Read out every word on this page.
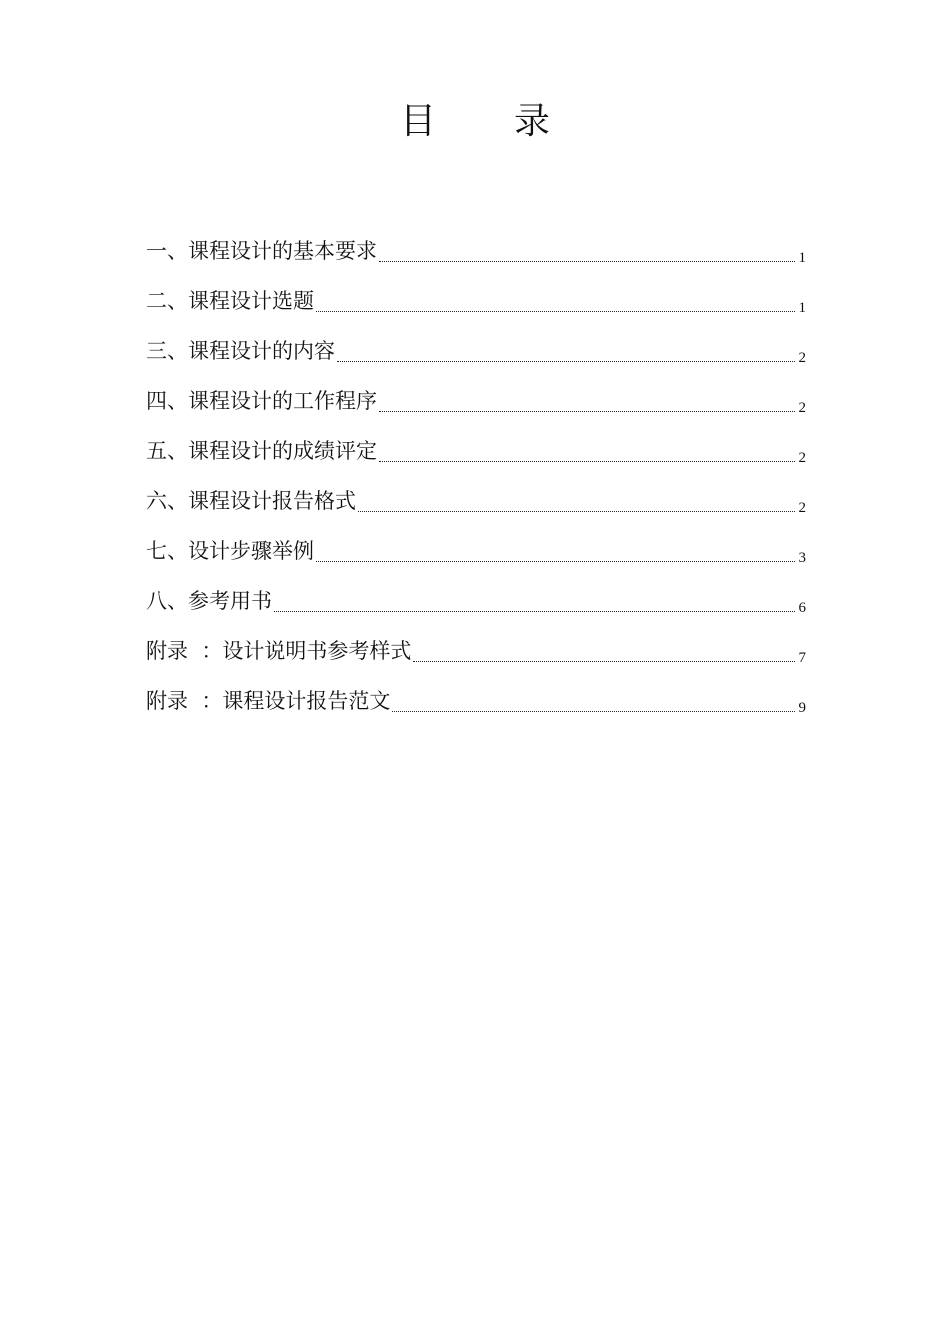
目 录
一、课程设计的基本要求	1
二、课程设计选题	1
三、课程设计的内容	2
四、课程设计的工作程序	2
五、课程设计的成绩评定	2
六、课程设计报告格式	2
七、设计步骤举例	3
八、参考用书	6
附录  ：设计说明书参考样式	7
附录  ：课程设计报告范文	9
